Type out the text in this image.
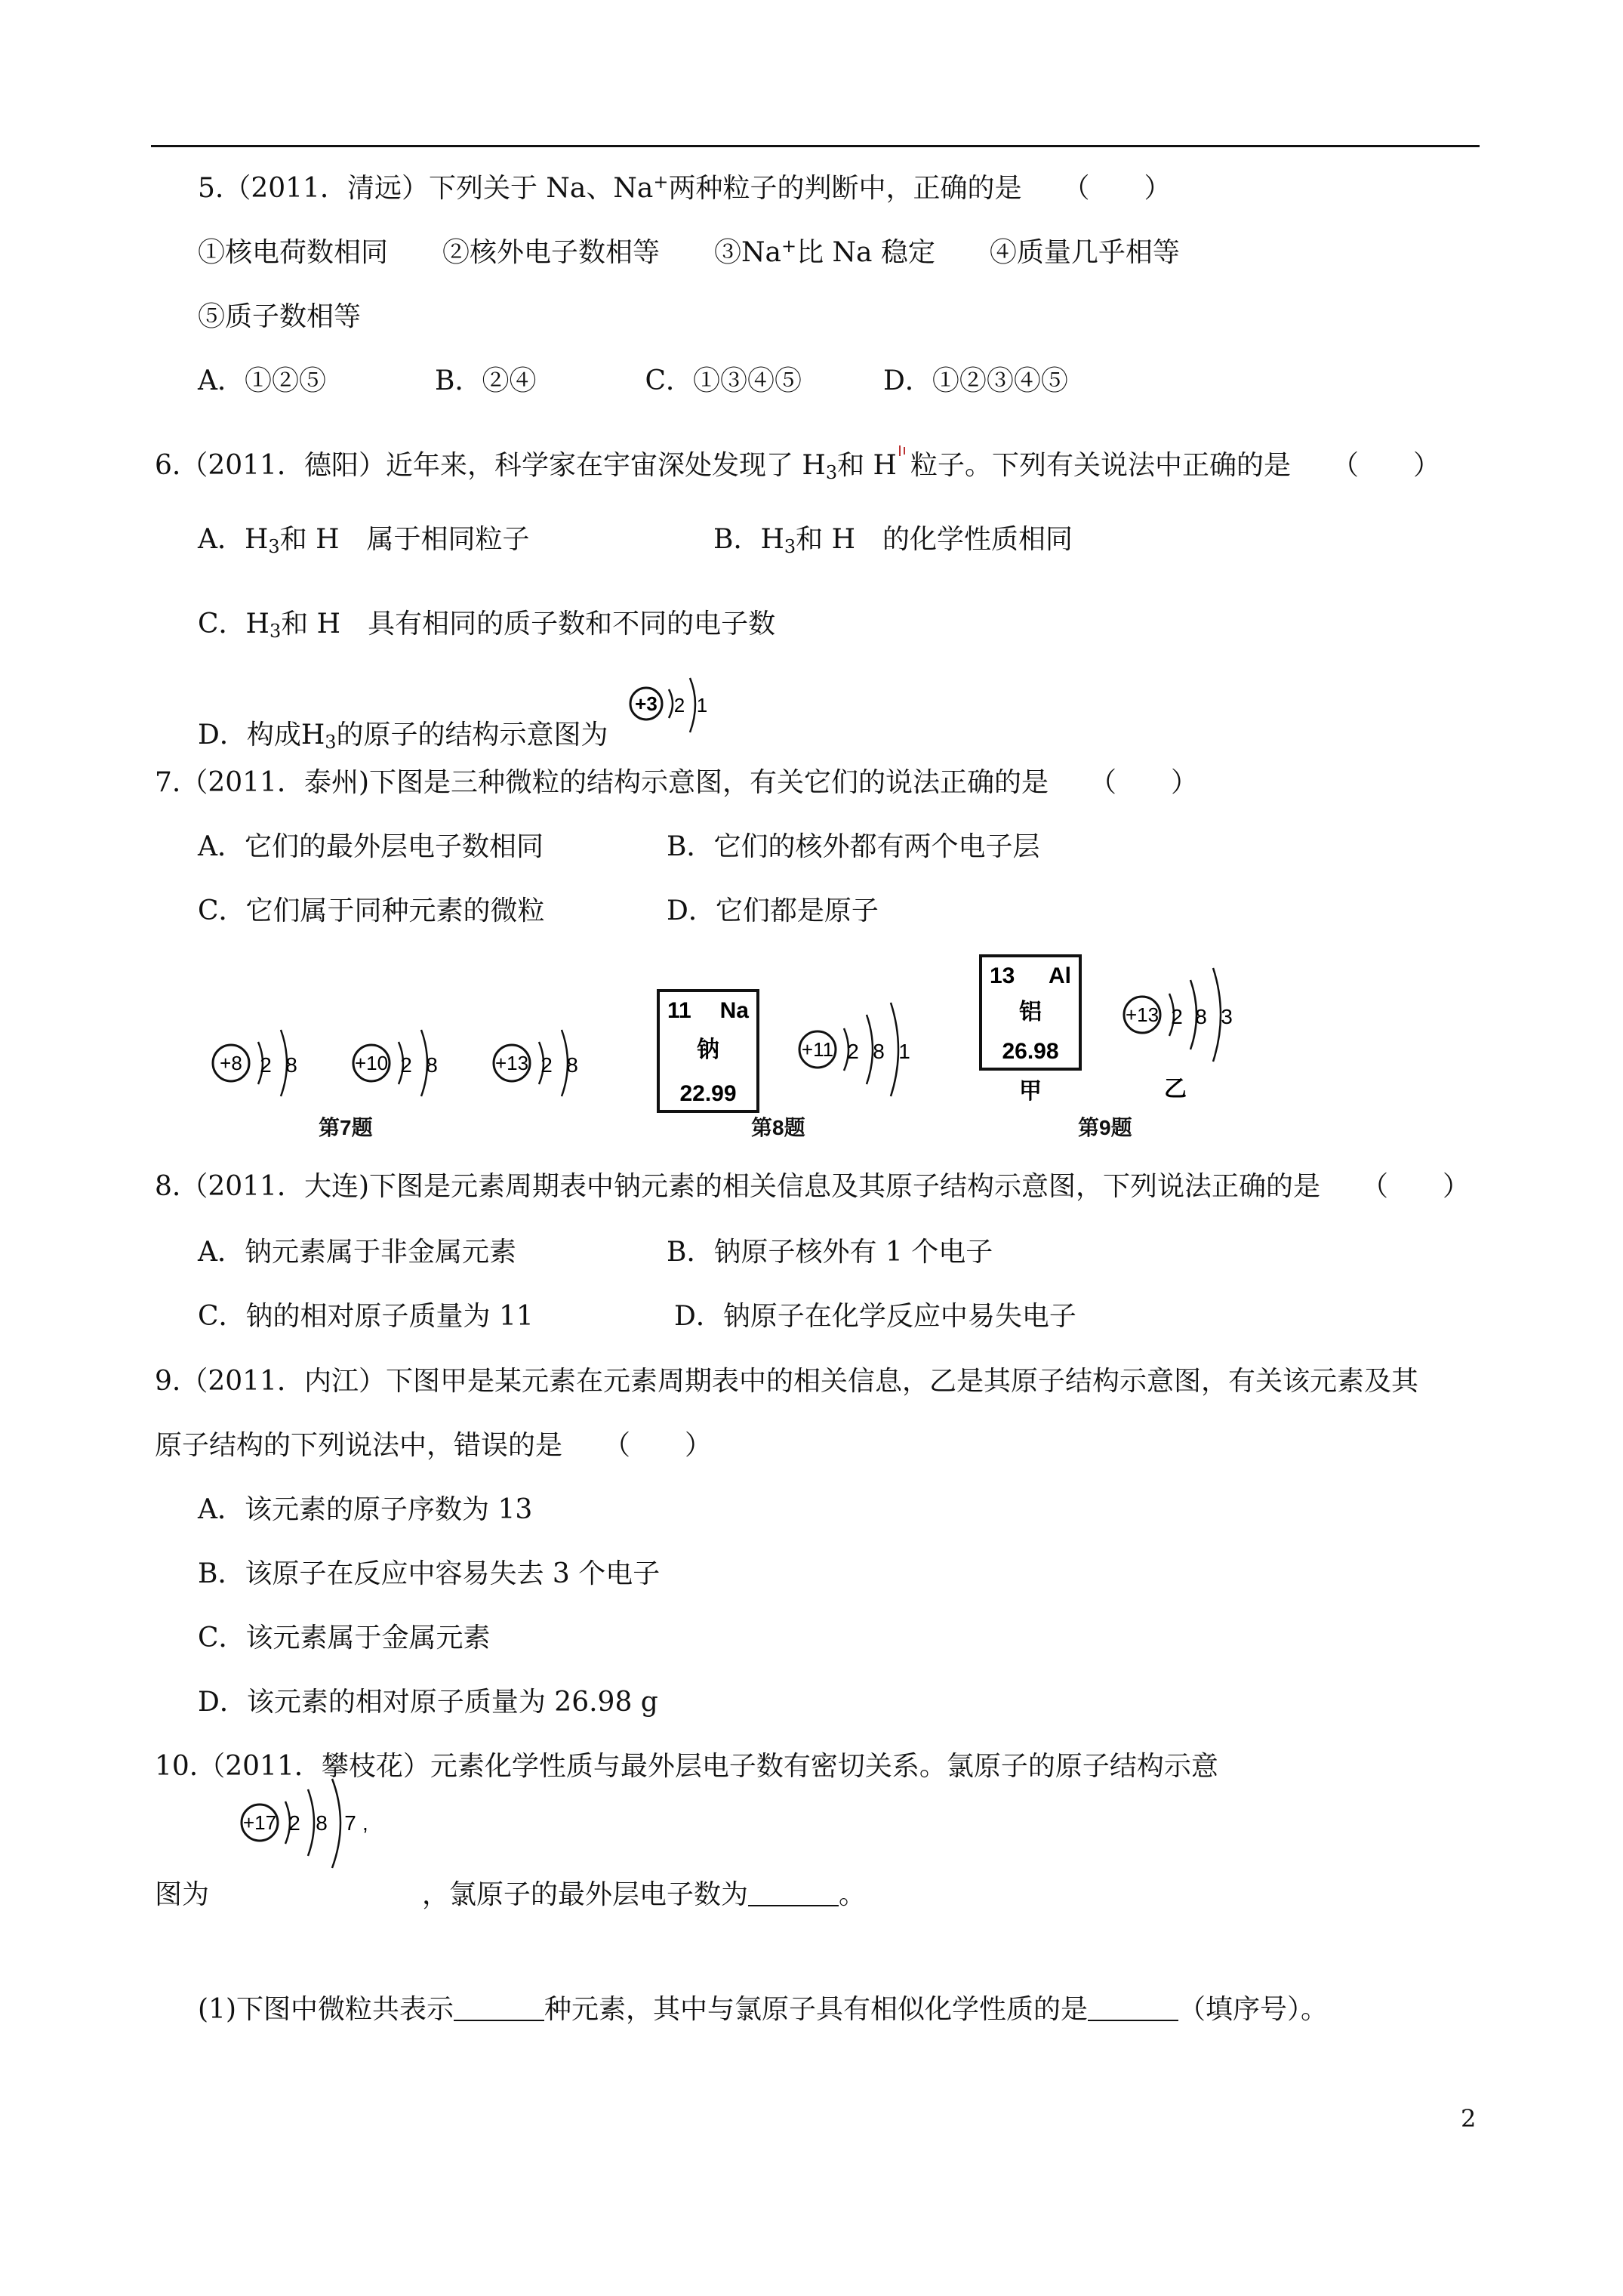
5.（2011．清远）下列关于 Na、Na+两种粒子的判断中，正确的是　　（　　）
①核电荷数相同　　②核外电子数相等　　③Na+比 Na 稳定　　④质量几乎相等
⑤质子数相等
A．①②⑤　　　　B．②④　　　　C．①③④⑤　　　D．①②③④⑤
6.（2011．德阳）近年来，科学家在宇宙深处发现了 $H_3$和 H 粒子。下列有关说法中正确的是　　（　　）
A．$H_3$和 H　属于相同粒子	B．$H_3$和 H　的化学性质相同
C．$H_3$和 H　具有相同的质子数和不同的电子数
D．构成$H_3$的原子的结构示意图为
+3 2 1
7.（2011．泰州)下图是三种微粒的结构示意图，有关它们的说法正确的是　　（　　）
A．它们的最外层电子数相同	B．它们的核外都有两个电子层
C．它们属于同种元素的微粒	D．它们都是原子
+8 2 8	+10 2 8	+13 2 8
第7题
11 Na
钠
22.99
+11 2 8 1
第8题
13 Al
铝
26.98
甲
+13 2 8 3
乙
第9题
8.（2011．大连)下图是元素周期表中钠元素的相关信息及其原子结构示意图，下列说法正确的是　　（　　）
A．钠元素属于非金属元素	B．钠原子核外有 1 个电子
C．钠的相对原子质量为 11	D．钠原子在化学反应中易失电子
9.（2011．内江）下图甲是某元素在元素周期表中的相关信息，乙是其原子结构示意图，有关该元素及其
原子结构的下列说法中，错误的是　　（　　）
A．该元素的原子序数为 13
B．该原子在反应中容易失去 3 个电子
C．该元素属于金属元素
D．该元素的相对原子质量为 26.98 g
10.（2011．攀枝花）元素化学性质与最外层电子数有密切关系。氯原子的原子结构示意
+17 2 8 7 ,
图为	，氯原子的最外层电子数为	。
(1)下图中微粒共表示	种元素，其中与氯原子具有相似化学性质的是	（填序号）。
2
